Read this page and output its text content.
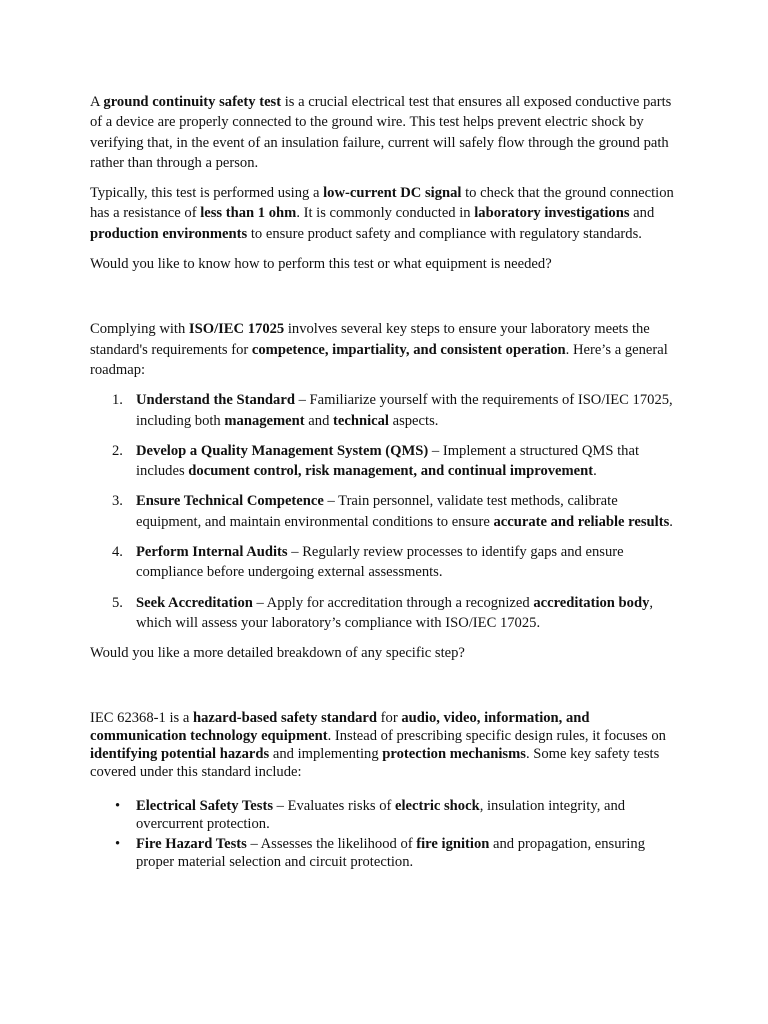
A ground continuity safety test is a crucial electrical test that ensures all exposed conductive parts of a device are properly connected to the ground wire. This test helps prevent electric shock by verifying that, in the event of an insulation failure, current will safely flow through the ground path rather than through a person.

Typically, this test is performed using a low-current DC signal to check that the ground connection has a resistance of less than 1 ohm. It is commonly conducted in laboratory investigations and production environments to ensure product safety and compliance with regulatory standards.

Would you like to know how to perform this test or what equipment is needed?

Complying with ISO/IEC 17025 involves several key steps to ensure your laboratory meets the standard's requirements for competence, impartiality, and consistent operation. Here’s a general roadmap:

1. Understand the Standard – Familiarize yourself with the requirements of ISO/IEC 17025, including both management and technical aspects.
2. Develop a Quality Management System (QMS) – Implement a structured QMS that includes document control, risk management, and continual improvement.
3. Ensure Technical Competence – Train personnel, validate test methods, calibrate equipment, and maintain environmental conditions to ensure accurate and reliable results.
4. Perform Internal Audits – Regularly review processes to identify gaps and ensure compliance before undergoing external assessments.
5. Seek Accreditation – Apply for accreditation through a recognized accreditation body, which will assess your laboratory’s compliance with ISO/IEC 17025.

Would you like a more detailed breakdown of any specific step?

IEC 62368-1 is a hazard-based safety standard for audio, video, information, and communication technology equipment. Instead of prescribing specific design rules, it focuses on identifying potential hazards and implementing protection mechanisms. Some key safety tests covered under this standard include:

• Electrical Safety Tests – Evaluates risks of electric shock, insulation integrity, and overcurrent protection.
• Fire Hazard Tests – Assesses the likelihood of fire ignition and propagation, ensuring proper material selection and circuit protection.
